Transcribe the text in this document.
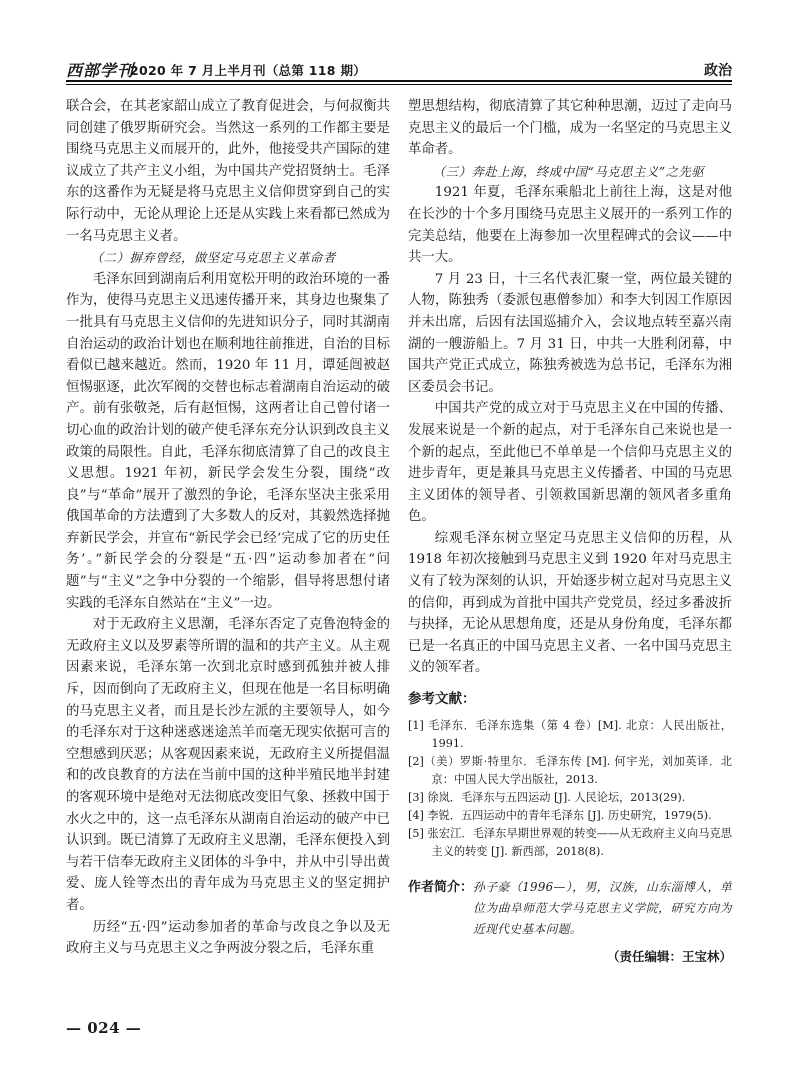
西部学刊
2020 年 7 月上半月刊（总第 118 期）	政治

联合会，在其老家韶山成立了教育促进会，与何叔衡共同创建了俄罗斯研究会。当然这一系列的工作都主要是围绕马克思主义而展开的，此外，他接受共产国际的建议成立了共产主义小组，为中国共产党招贤纳士。毛泽东的这番作为无疑是将马克思主义信仰贯穿到自己的实际行动中，无论从理论上还是从实践上来看都已然成为一名马克思主义者。

（二）摒弃曾经，做坚定马克思主义革命者

毛泽东回到湖南后利用宽松开明的政治环境的一番作为，使得马克思主义迅速传播开来，其身边也聚集了一批具有马克思主义信仰的先进知识分子，同时其湖南自治运动的政治计划也在顺利地往前推进，自治的目标看似已越来越近。然而，1920 年 11 月，谭延闿被赵恒惕驱逐，此次军阀的交替也标志着湖南自治运动的破产。前有张敬尧，后有赵恒惕，这两者让自己曾付诸一切心血的政治计划的破产使毛泽东充分认识到改良主义政策的局限性。自此，毛泽东彻底清算了自己的改良主义思想。1921 年初，新民学会发生分裂，围绕“改良”与“革命”展开了激烈的争论，毛泽东坚决主张采用俄国革命的方法遭到了大多数人的反对，其毅然选择抛弃新民学会，并宣布“新民学会已经‘完成了它的历史任务’。”新民学会的分裂是“五·四”运动参加者在“问题”与“主义”之争中分裂的一个缩影，倡导将思想付诸实践的毛泽东自然站在“主义”一边。

对于无政府主义思潮，毛泽东否定了克鲁泡特金的无政府主义以及罗素等所谓的温和的共产主义。从主观因素来说，毛泽东第一次到北京时感到孤独并被人排斥，因而倒向了无政府主义，但现在他是一名目标明确的马克思主义者，而且是长沙左派的主要领导人，如今的毛泽东对于这种迷惑迷途羔羊而毫无现实依据可言的空想感到厌恶；从客观因素来说，无政府主义所提倡温和的改良教育的方法在当前中国的这种半殖民地半封建的客观环境中是绝对无法彻底改变旧气象、拯救中国于水火之中的，这一点毛泽东从湖南自治运动的破产中已认识到。既已清算了无政府主义思潮，毛泽东便投入到与若干信奉无政府主义团体的斗争中，并从中引导出黄爱、庞人铨等杰出的青年成为马克思主义的坚定拥护者。

历经“五·四”运动参加者的革命与改良之争以及无政府主义与马克思主义之争两波分裂之后，毛泽东重

塑思想结构，彻底清算了其它种种思潮，迈过了走向马克思主义的最后一个门槛，成为一名坚定的马克思主义革命者。

（三）奔赴上海，终成中国“马克思主义”之先驱

1921 年夏，毛泽东乘船北上前往上海，这是对他在长沙的十个多月围绕马克思主义展开的一系列工作的完美总结，他要在上海参加一次里程碑式的会议——中共一大。

7 月 23 日，十三名代表汇聚一堂，两位最关键的人物，陈独秀（委派包惠僧参加）和李大钊因工作原因并未出席，后因有法国巡捕介入，会议地点转至嘉兴南湖的一艘游船上。7 月 31 日，中共一大胜利闭幕，中国共产党正式成立，陈独秀被选为总书记，毛泽东为湘区委员会书记。

中国共产党的成立对于马克思主义在中国的传播、发展来说是一个新的起点，对于毛泽东自己来说也是一个新的起点，至此他已不单单是一个信仰马克思主义的进步青年，更是兼具马克思主义传播者、中国的马克思主义团体的领导者、引领救国新思潮的领风者多重角色。

综观毛泽东树立坚定马克思主义信仰的历程，从 1918 年初次接触到马克思主义到 1920 年对马克思主义有了较为深刻的认识，开始逐步树立起对马克思主义的信仰，再到成为首批中国共产党党员，经过多番波折与抉择，无论从思想角度，还是从身份角度，毛泽东都已是一名真正的中国马克思主义者、一名中国马克思主义的领军者。

参考文献：

[1] 毛泽东．毛泽东选集（第 4 卷）[M]. 北京：人民出版社，1991.

[2]（美）罗斯·特里尔．毛泽东传 [M]. 何宇光，刘加英译．北京：中国人民大学出版社，2013.

[3] 徐岚．毛泽东与五四运动 [J]. 人民论坛，2013(29).

[4] 李锐．五四运动中的青年毛泽东 [J]. 历史研究，1979(5).

[5] 张宏江．毛泽东早期世界观的转变——从无政府主义向马克思主义的转变 [J]. 新西部，2018(8).

作者简介： 孙子豪（1996—），男，汉族，山东淄博人，单位为曲阜师范大学马克思主义学院，研究方向为近现代史基本问题。
（责任编辑：王宝林）
— 024 —
